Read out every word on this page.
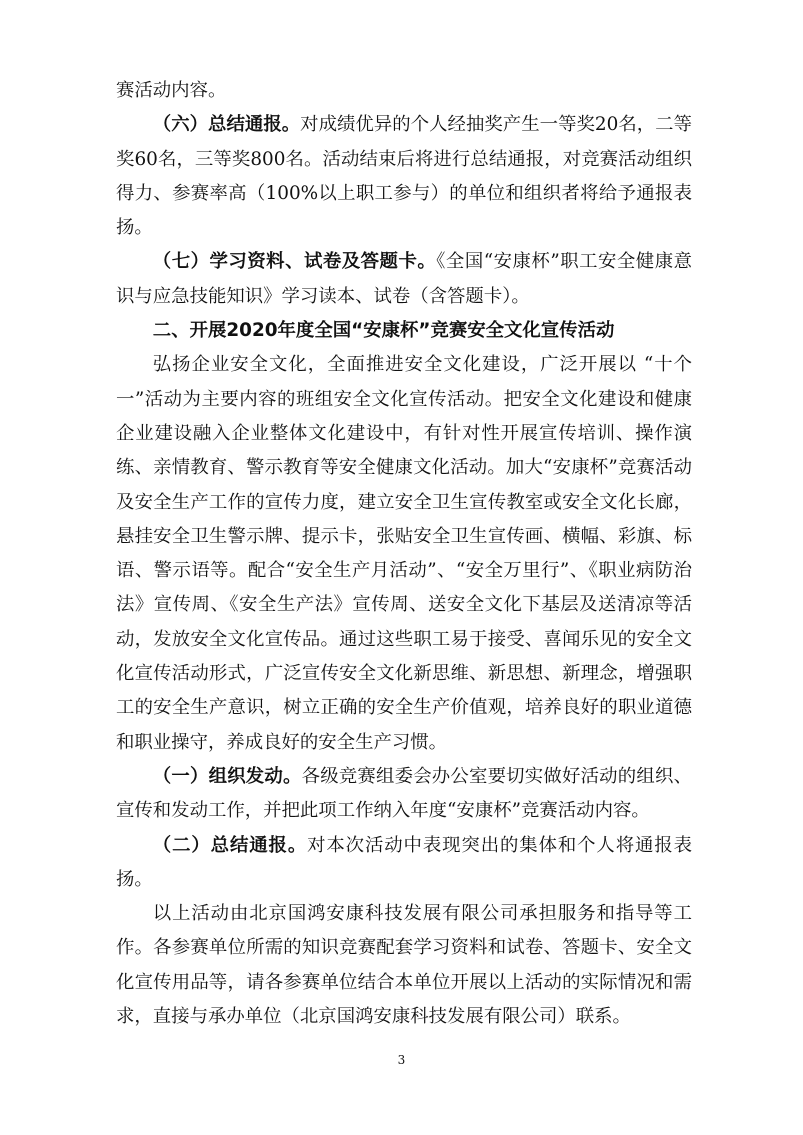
赛活动内容。

（六）总结通报。对成绩优异的个人经抽奖产生一等奖20名，二等奖60名，三等奖800名。活动结束后将进行总结通报，对竞赛活动组织得力、参赛率高（100%以上职工参与）的单位和组织者将给予通报表扬。

（七）学习资料、试卷及答题卡。《全国“安康杯”职工安全健康意识与应急技能知识》学习读本、试卷（含答题卡）。

二、开展2020年度全国“安康杯”竞赛安全文化宣传活动

弘扬企业安全文化，全面推进安全文化建设，广泛开展以 “十个一”活动为主要内容的班组安全文化宣传活动。把安全文化建设和健康企业建设融入企业整体文化建设中，有针对性开展宣传培训、操作演练、亲情教育、警示教育等安全健康文化活动。加大“安康杯”竞赛活动及安全生产工作的宣传力度，建立安全卫生宣传教室或安全文化长廊，悬挂安全卫生警示牌、提示卡，张贴安全卫生宣传画、横幅、彩旗、标语、警示语等。配合“安全生产月活动”、“安全万里行”、《职业病防治法》宣传周、《安全生产法》宣传周、送安全文化下基层及送清凉等活动，发放安全文化宣传品。通过这些职工易于接受、喜闻乐见的安全文化宣传活动形式，广泛宣传安全文化新思维、新思想、新理念，增强职工的安全生产意识，树立正确的安全生产价值观，培养良好的职业道德和职业操守，养成良好的安全生产习惯。

（一）组织发动。各级竞赛组委会办公室要切实做好活动的组织、宣传和发动工作，并把此项工作纳入年度“安康杯”竞赛活动内容。

（二）总结通报。对本次活动中表现突出的集体和个人将通报表扬。

以上活动由北京国鸿安康科技发展有限公司承担服务和指导等工作。各参赛单位所需的知识竞赛配套学习资料和试卷、答题卡、安全文化宣传用品等，请各参赛单位结合本单位开展以上活动的实际情况和需求，直接与承办单位（北京国鸿安康科技发展有限公司）联系。

3
